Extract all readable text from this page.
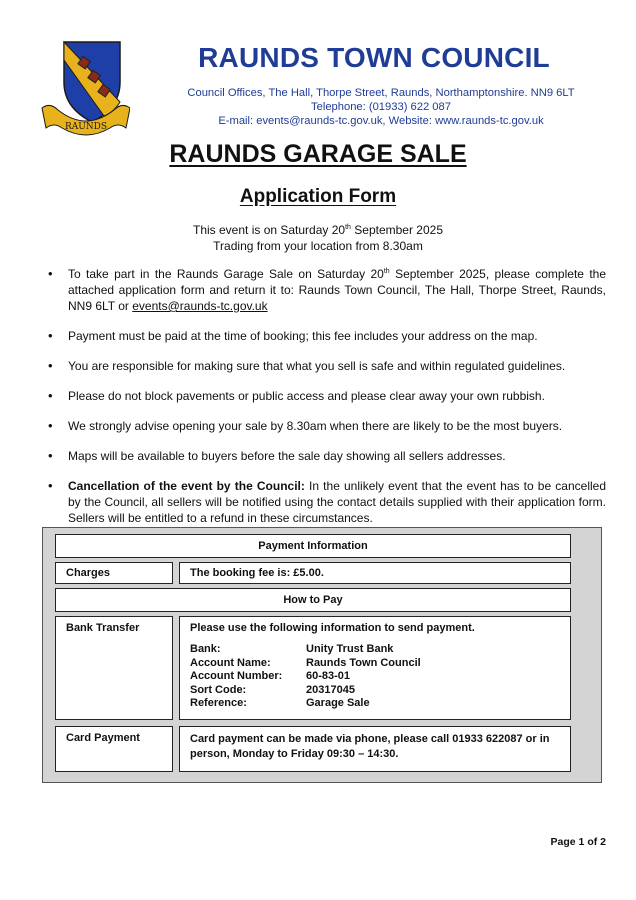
RAUNDS
RAUNDS TOWN COUNCIL
Council Offices, The Hall, Thorpe Street, Raunds, Northamptonshire. NN9 6LT
Telephone: (01933) 622 087
E-mail: events@raunds-tc.gov.uk, Website: www.raunds-tc.gov.uk
RAUNDS GARAGE SALE
Application Form
This event is on Saturday 20th September 2025
Trading from your location from 8.30am
• To take part in the Raunds Garage Sale on Saturday 20th September 2025, please complete the attached application form and return it to: Raunds Town Council, The Hall, Thorpe Street, Raunds, NN9 6LT or events@raunds-tc.gov.uk
• Payment must be paid at the time of booking; this fee includes your address on the map.
• You are responsible for making sure that what you sell is safe and within regulated guidelines.
• Please do not block pavements or public access and please clear away your own rubbish.
• We strongly advise opening your sale by 8.30am when there are likely to be the most buyers.
• Maps will be available to buyers before the sale day showing all sellers addresses.
• Cancellation of the event by the Council: In the unlikely event that the event has to be cancelled by the Council, all sellers will be notified using the contact details supplied with their application form. Sellers will be entitled to a refund in these circumstances.
Payment Information
Charges	The booking fee is: £5.00.
How to Pay
Bank Transfer	Please use the following information to send payment.
Bank:	Unity Trust Bank
Account Name:	Raunds Town Council
Account Number:	60-83-01
Sort Code:	20317045
Reference:	Garage Sale
Card Payment	Card payment can be made via phone, please call 01933 622087 or in person, Monday to Friday 09:30 – 14:30.
Page 1 of 2
